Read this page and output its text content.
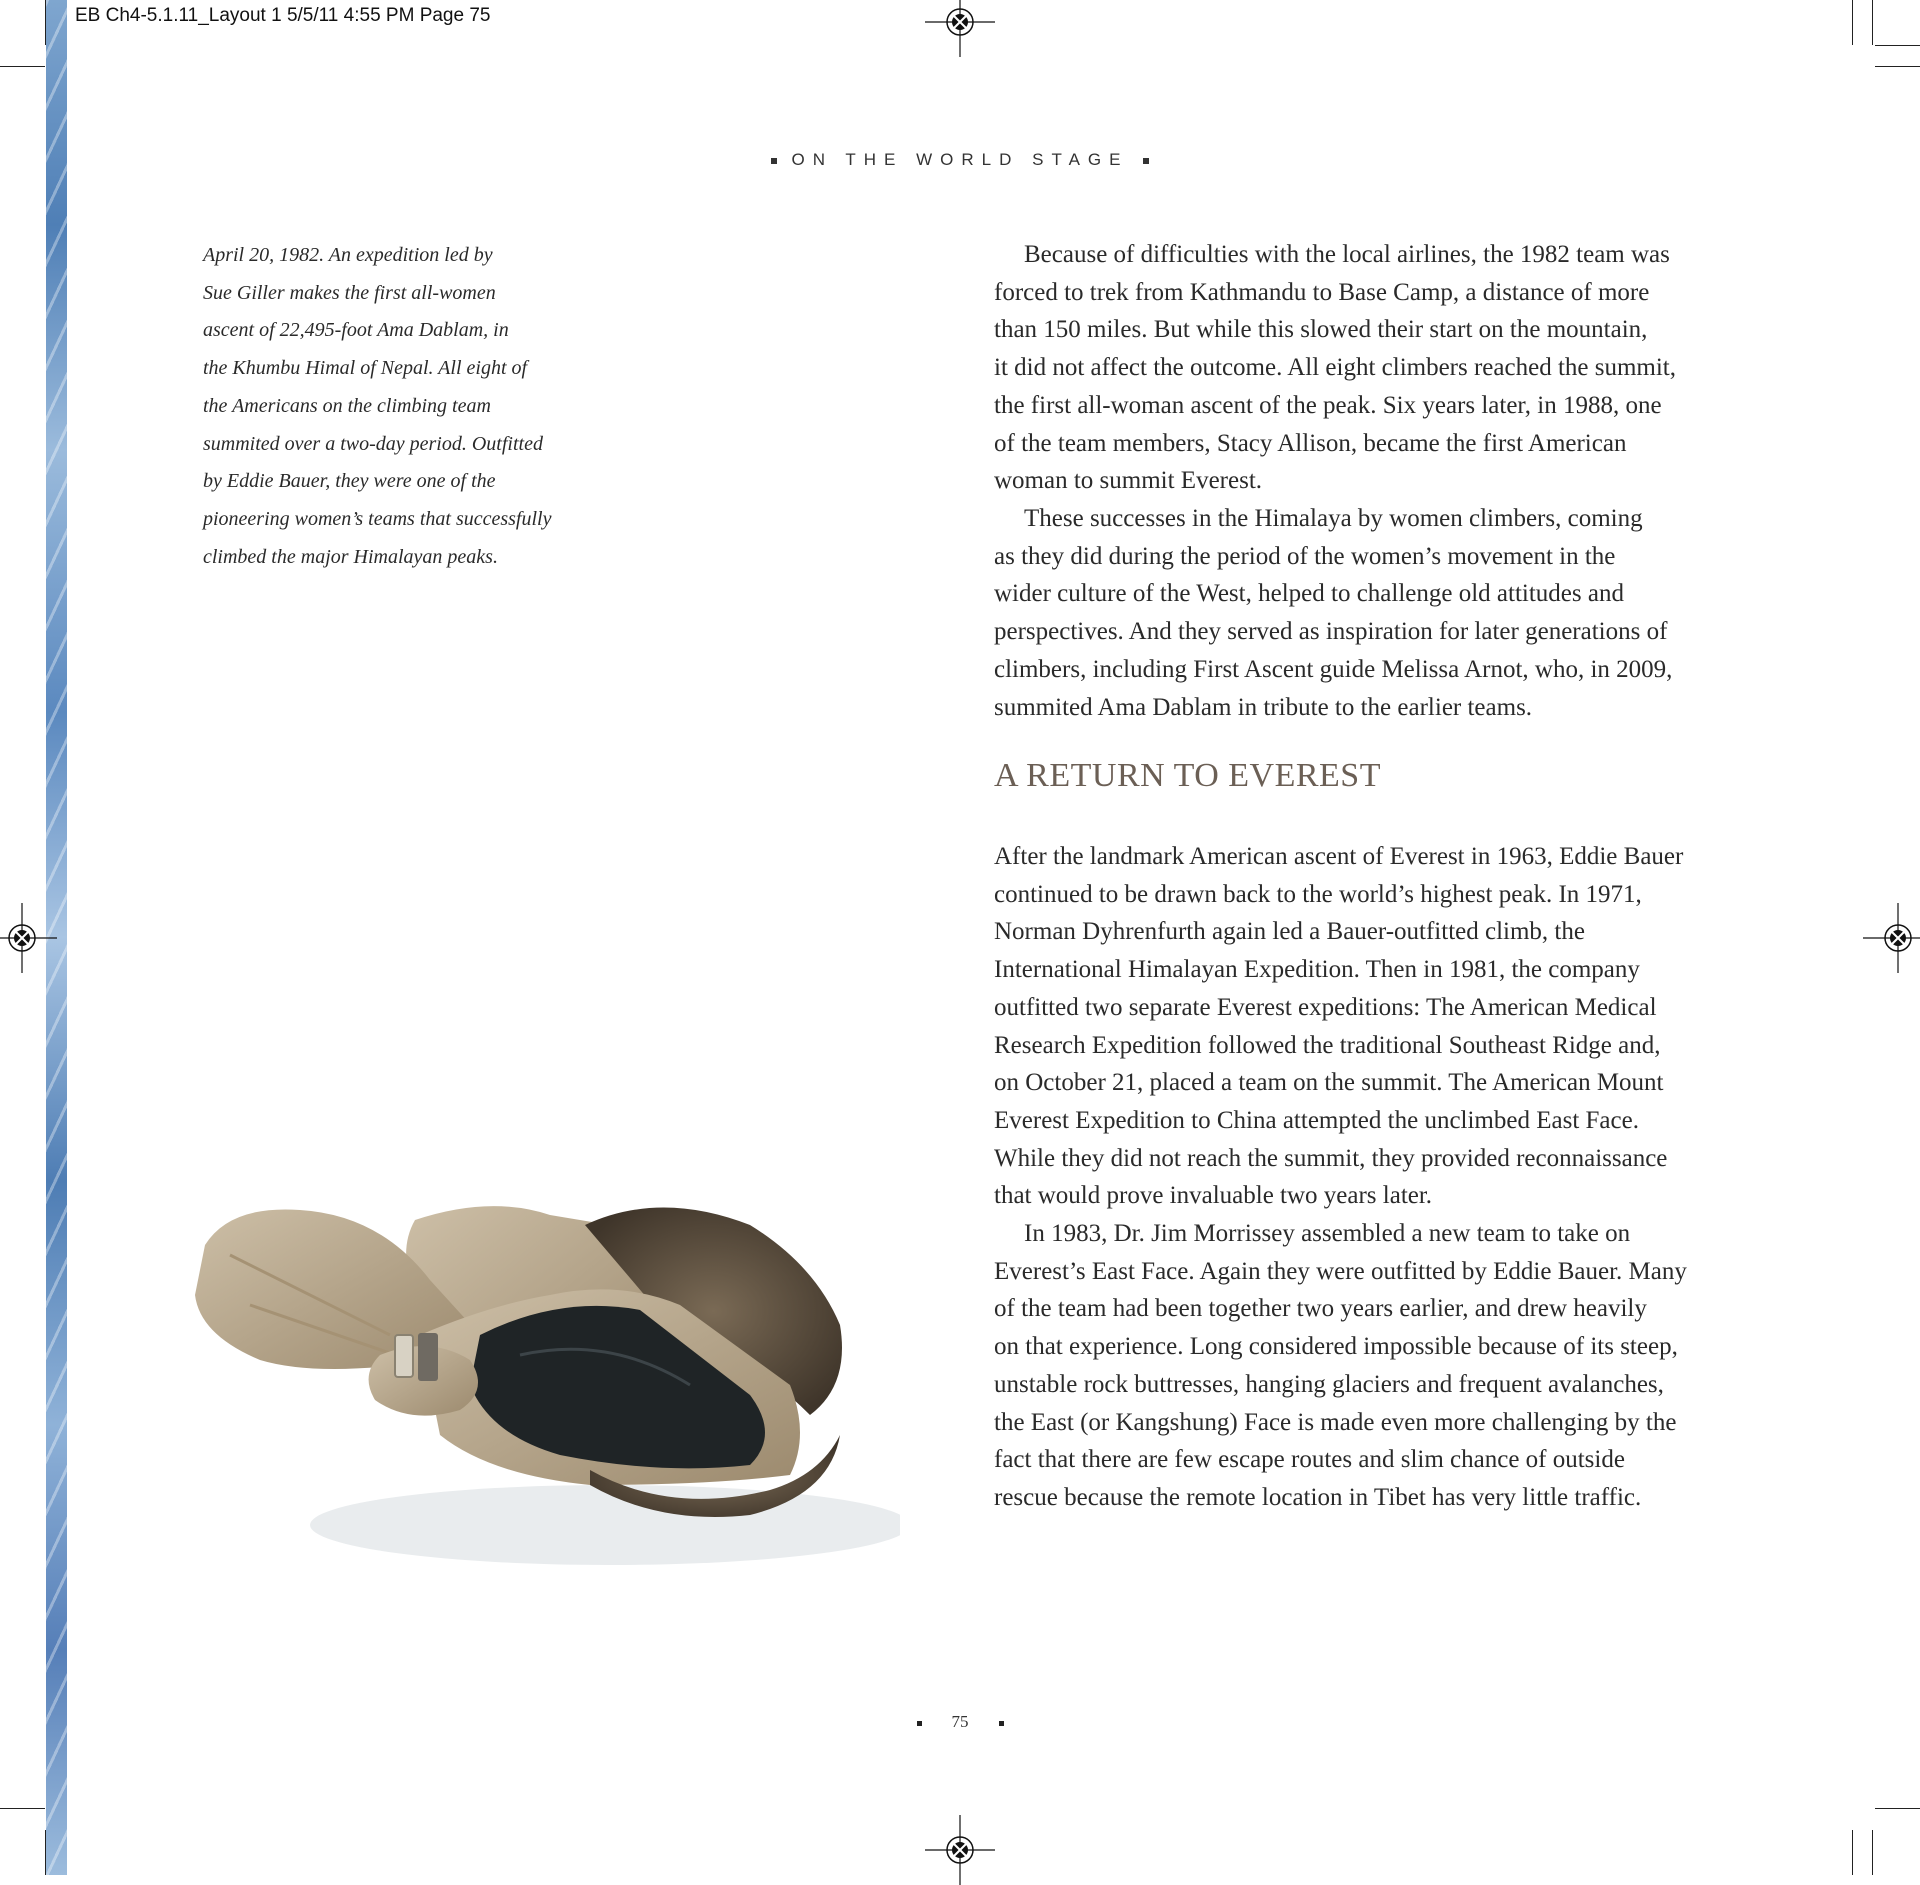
EB Ch4-5.1.11_Layout 1 5/5/11 4:55 PM Page 75
ON THE WORLD STAGE
April 20, 1982. An expedition led by
Sue Giller makes the first all-women
ascent of 22,495-foot Ama Dablam, in
the Khumbu Himal of Nepal. All eight of
the Americans on the climbing team
summited over a two-day period. Outfitted
by Eddie Bauer, they were one of the
pioneering women’s teams that successfully
climbed the major Himalayan peaks.
Because of difficulties with the local airlines, the 1982 team was
forced to trek from Kathmandu to Base Camp, a distance of more
than 150 miles. But while this slowed their start on the mountain,
it did not affect the outcome. All eight climbers reached the summit,
the first all-woman ascent of the peak. Six years later, in 1988, one
of the team members, Stacy Allison, became the first American
woman to summit Everest.
These successes in the Himalaya by women climbers, coming
as they did during the period of the women’s movement in the
wider culture of the West, helped to challenge old attitudes and
perspectives. And they served as inspiration for later generations of
climbers, including First Ascent guide Melissa Arnot, who, in 2009,
summited Ama Dablam in tribute to the earlier teams.
A RETURN TO EVEREST
After the landmark American ascent of Everest in 1963, Eddie Bauer
continued to be drawn back to the world’s highest peak. In 1971,
Norman Dyhrenfurth again led a Bauer-outfitted climb, the
International Himalayan Expedition. Then in 1981, the company
outfitted two separate Everest expeditions: The American Medical
Research Expedition followed the traditional Southeast Ridge and,
on October 21, placed a team on the summit. The American Mount
Everest Expedition to China attempted the unclimbed East Face.
While they did not reach the summit, they provided reconnaissance
that would prove invaluable two years later.
In 1983, Dr. Jim Morrissey assembled a new team to take on
Everest’s East Face. Again they were outfitted by Eddie Bauer. Many
of the team had been together two years earlier, and drew heavily
on that experience. Long considered impossible because of its steep,
unstable rock buttresses, hanging glaciers and frequent avalanches,
the East (or Kangshung) Face is made even more challenging by the
fact that there are few escape routes and slim chance of outside
rescue because the remote location in Tibet has very little traffic.
75
